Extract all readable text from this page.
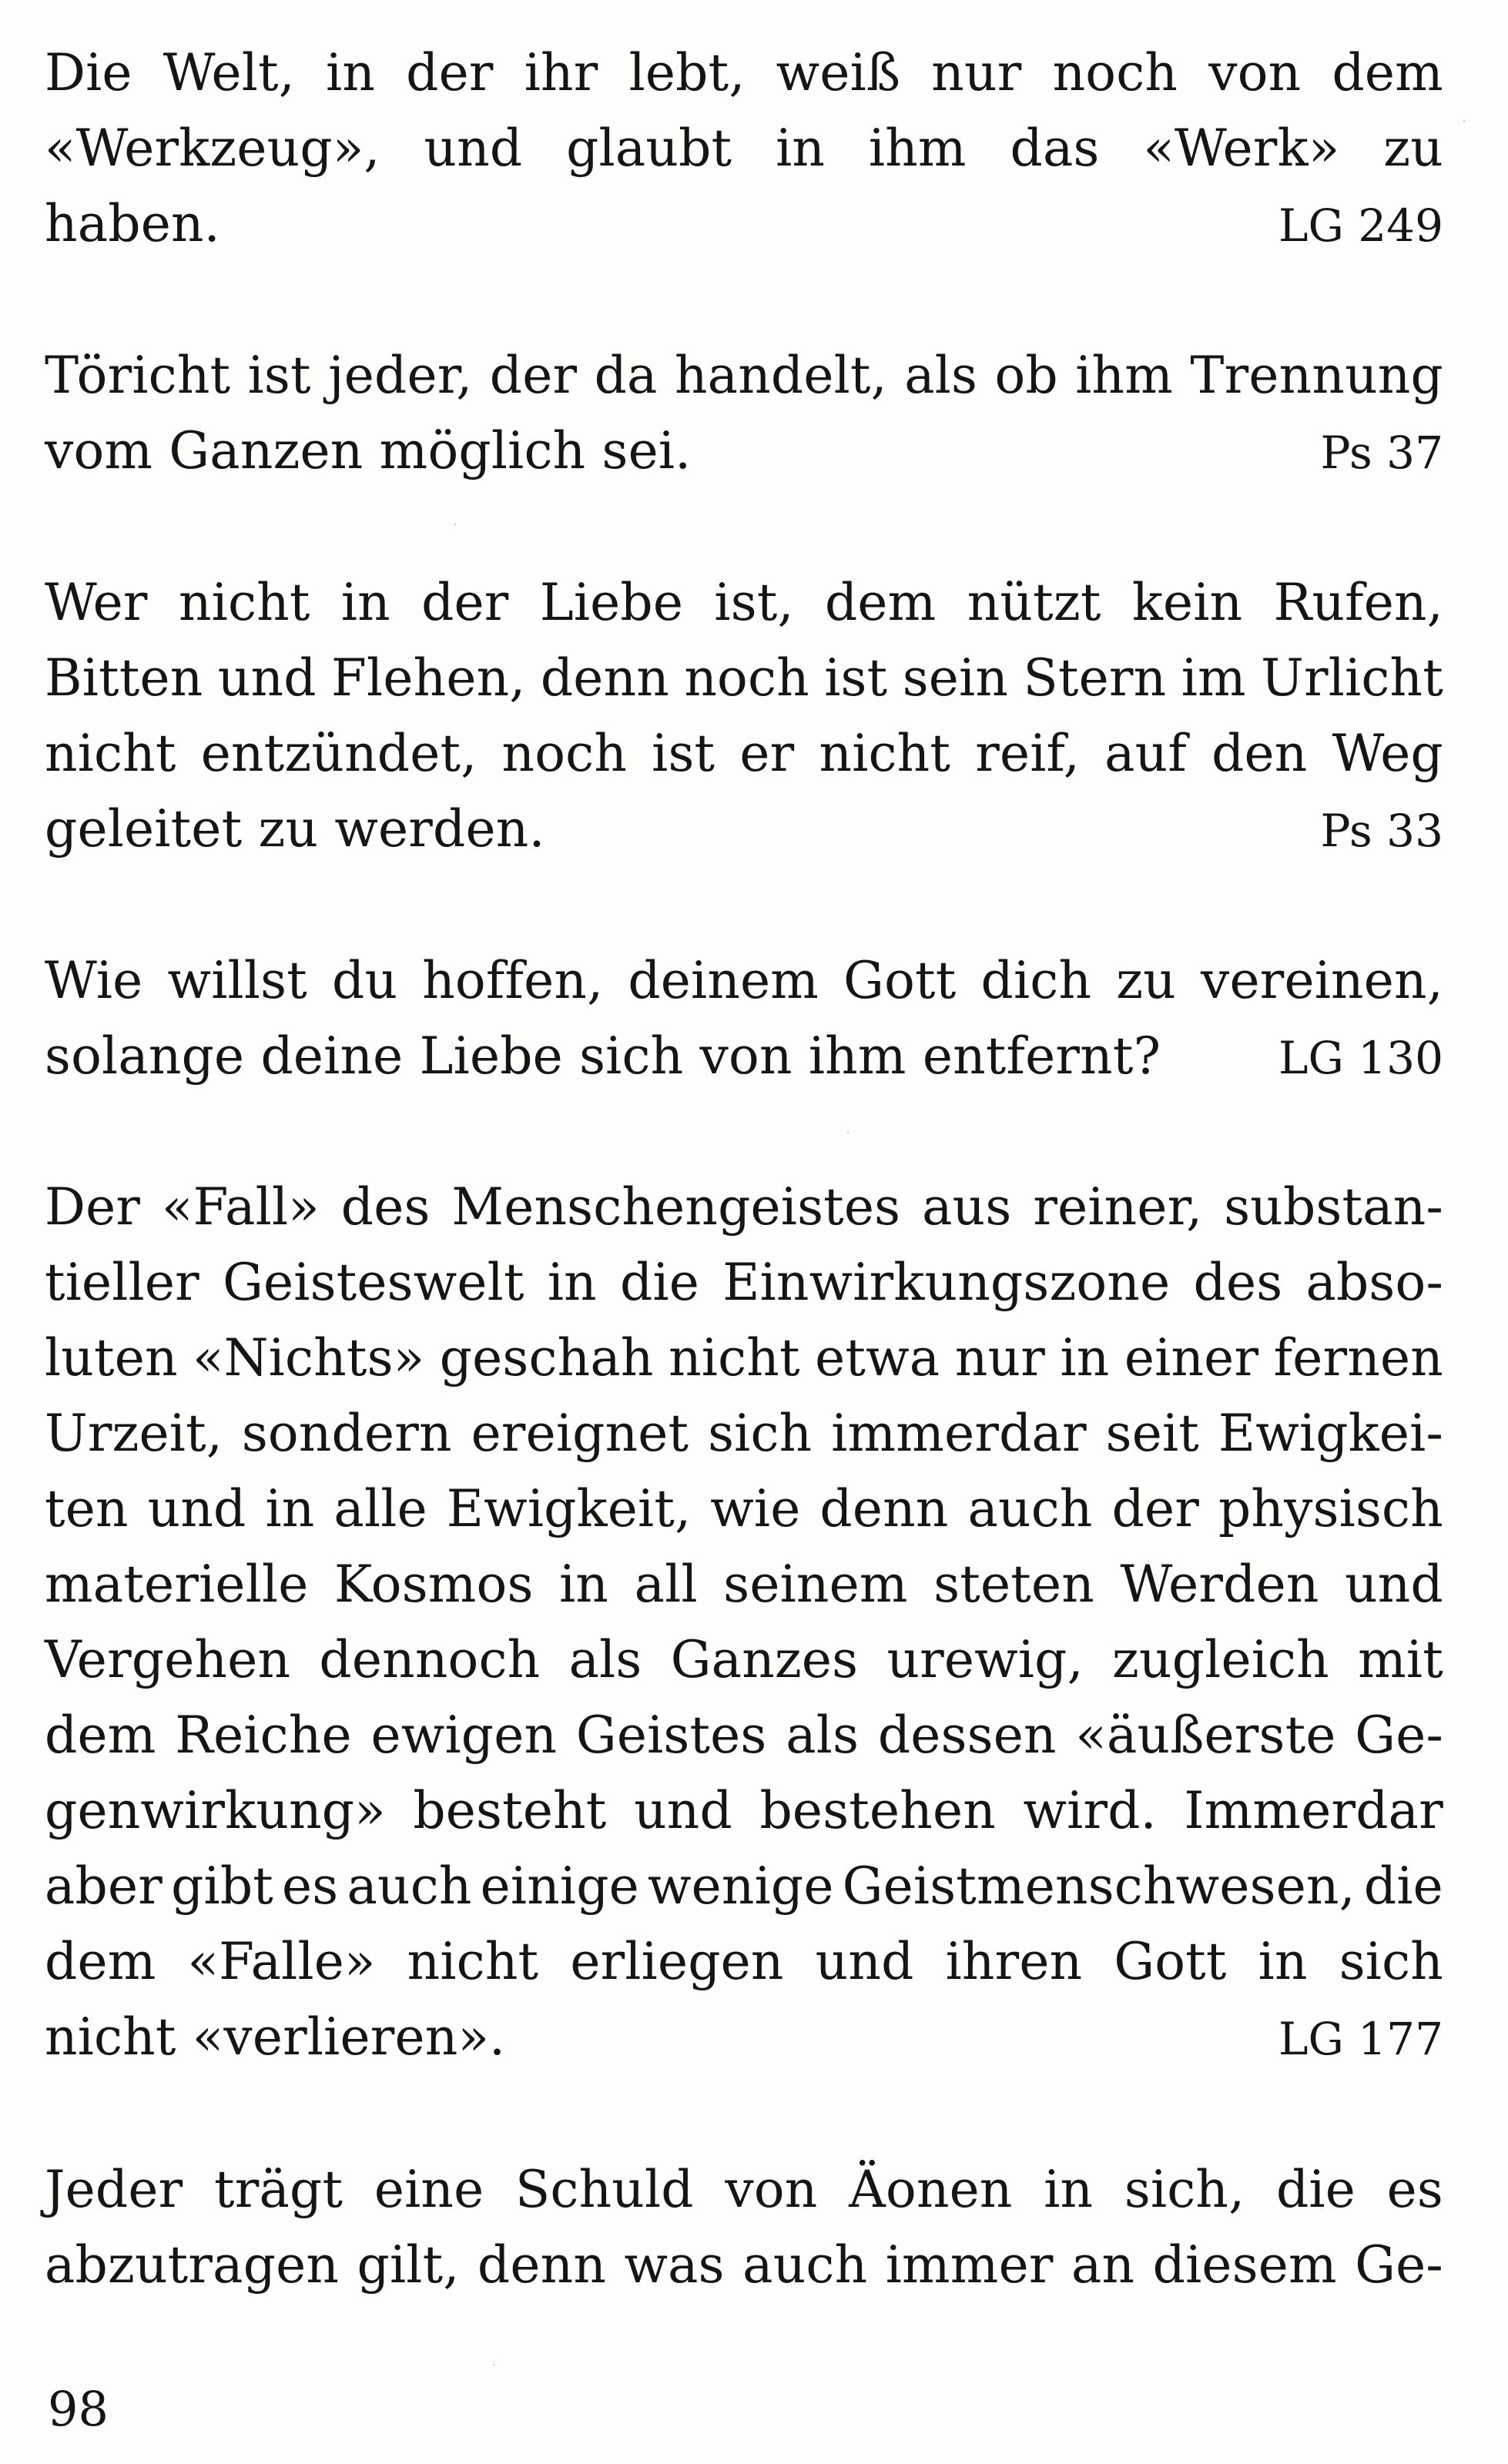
Die Welt, in der ihr lebt, weiß nur noch von dem
«Werkzeug», und glaubt in ihm das «Werk» zu
haben.	LG 249
Töricht ist jeder, der da handelt, als ob ihm Trennung
vom Ganzen möglich sei.	Ps 37
Wer nicht in der Liebe ist, dem nützt kein Rufen,
Bitten und Flehen, denn noch ist sein Stern im Urlicht
nicht entzündet, noch ist er nicht reif, auf den Weg
geleitet zu werden.	Ps 33
Wie willst du hoffen, deinem Gott dich zu vereinen,
solange deine Liebe sich von ihm entfernt?	LG 130
Der «Fall» des Menschengeistes aus reiner, substan-
tieller Geisteswelt in die Einwirkungszone des abso-
luten «Nichts» geschah nicht etwa nur in einer fernen
Urzeit, sondern ereignet sich immerdar seit Ewigkei-
ten und in alle Ewigkeit, wie denn auch der physisch
materielle Kosmos in all seinem steten Werden und
Vergehen dennoch als Ganzes urewig, zugleich mit
dem Reiche ewigen Geistes als dessen «äußerste Ge-
genwirkung» besteht und bestehen wird. Immerdar
aber gibt es auch einige wenige Geistmenschwesen, die
dem «Falle» nicht erliegen und ihren Gott in sich
nicht «verlieren».	LG 177
Jeder trägt eine Schuld von Äonen in sich, die es
abzutragen gilt, denn was auch immer an diesem Ge-
98
